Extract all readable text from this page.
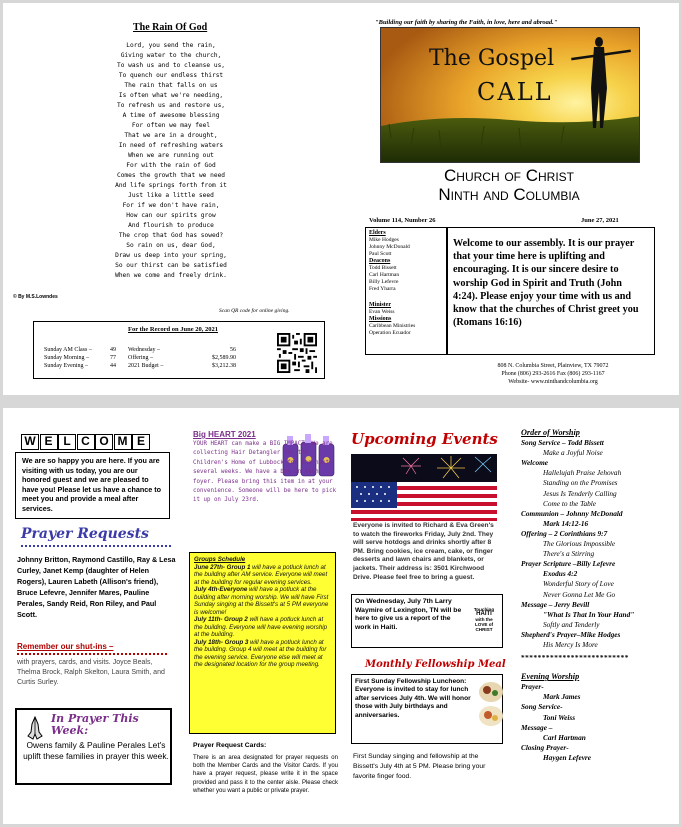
The Rain Of God
Lord, you send the rain,
Giving water to the church,
To wash us and to cleanse us,
To quench our endless thirst
The rain that falls on us
Is often what we're needing,
To refresh us and restore us,
A time of awesome blessing
For often we may feel
That we are in a drought,
In need of refreshing waters
When we are running out
For with the rain of God
Comes the growth that we need
And life springs forth from it
Just like a little seed
For if we don't have rain,
How can our spirits grow
And flourish to produce
The crop that God has sowed?
So rain on us, dear God,
Draw us deep into your spring,
So our thirst can be satisfied
When we come and freely drink.
© By M.S.Lowndes
Scan QR code for online giving.
For the Record on June 20, 2021
Sunday AM Class –	49 Wednesday –	56
Sunday Morning –	77 Offering –	$2,589.90
Sunday Evening –	44 2021 Budget –	$3,212.38
"Building our faith by sharing the Faith, in love, here and abroad."
The Gospel
CALL
Church of Christ
Ninth and Columbia
Volume 114, Number 26	June 27, 2021
Elders
Mike Hodges
Johnny McDonald
Paul Scott
Deacons
Todd Bissett
Carl Hartman
Billy Lefevre
Fred Yharra
Minister
Evan Weiss
Missions
Caribbean Ministries
Operation Ecuador
Welcome to our assembly. It is our prayer that your time here is uplifting and encouraging. It is our sincere desire to worship God in Spirit and Truth (John 4:24). Please enjoy your time with us and know that the churches of Christ greet you (Romans 16:16)
808 N. Columbia Street, Plainview, TX 79072
Phone (806) 293-2616 Fax (806) 293-1167
Website- www.ninthandcolumbia.org
W E L C O M E
We are so happy you are here. If you are visiting with us today, you are our honored guest and we are pleased to have you! Please let us have a chance to meet you and provide a meal after services.
Prayer Requests
Johnny Britton, Raymond Castillo, Ray & Lesa Curley, Janet Kemp (daughter of Helen Rogers), Lauren Labeth (Allison's friend), Bruce Lefevre, Jennifer Mares, Pauline Perales, Sandy Reid, Ron Riley, and Paul Scott.
Remember our shut-ins –
with prayers, cards, and visits. Joyce Beals, Thelma Brock, Ralph Skelton, Laura Smith, and Curtis Surley.
In Prayer This Week:
Owens family & Pauline Perales Let's uplift these families in prayer this week.
Big HEART 2021
YOUR HEART can make a BIG IMPACT. We are collecting Hair Detangler for the Children's Home of Lubbock for the next several weeks. We have a box in each foyer. Please bring this item in at your convenience. Someone will be here to pick it up on July 23rd.
Groups Schedule
June 27th- Group 1 will have a potluck lunch at the building after AM service. Everyone will meet at the building for regular evening services.
July 4th-Everyone will have a potluck at the building after morning worship. We will have First Sunday singing at the Bissett's at 5 PM everyone is welcome!
July 11th- Group 2 will have a potluck lunch at the building. Everyone will have evening worship at the building.
July 18th- Group 3 will have a potluck lunch at the building. Group 4 will meet at the building for the evening service. Everyone else will meet at the designated location for the group meeting.
Prayer Request Cards:
There is an area designated for prayer requests on both the Member Cards and the Visitor Cards. If you have a prayer request, please write it in the space provided and pass it to the center aisle. Please check whether you want a public or private prayer.
Upcoming Events
Everyone is invited to Richard & Eva Green's to watch the fireworks Friday, July 2nd. They will serve hotdogs and drinks shortly after 8 PM. Bring cookies, ice cream, cake, or finger desserts and lawn chairs and blankets, or jackets. Their address is: 3501 Kirchwood Drive. Please feel free to bring a guest.
On Wednesday, July 7th Larry Waymire of Lexington, TN will be here to give us a report of the work in Haiti.
Touching
HAITI
with the
LOVE of
CHRIST
Monthly Fellowship Meal
First Sunday Fellowship Luncheon: Everyone is invited to stay for lunch after services July 4th. We will honor those with July birthdays and anniversaries.
First Sunday singing and fellowship at the Bissett's July 4th at 5 PM. Please bring your favorite finger food.
Order of Worship
Song Service – Todd Bissett
Make a Joyful Noise
Welcome
Hallelujah Praise Jehovah
Standing on the Promises
Jesus Is Tenderly Calling
Come to the Table
Communion – Johnny McDonald
Mark 14:12-16
Offering – 2 Corinthians 9:7
The Glorious Impossible
There's a Stirring
Prayer Scripture –Billy Lefevre
Exodus 4:2
Wonderful Story of Love
Never Gonna Let Me Go
Message – Jerry Bevill
"What Is That In Your Hand"
Softly and Tenderly
Shepherd's Prayer–Mike Hodges
His Mercy Is More
**************************
Evening Worship
Prayer-
Mark James
Song Service-
Toni Weiss
Message –
Carl Hartman
Closing Prayer-
Haygen Lefevre
